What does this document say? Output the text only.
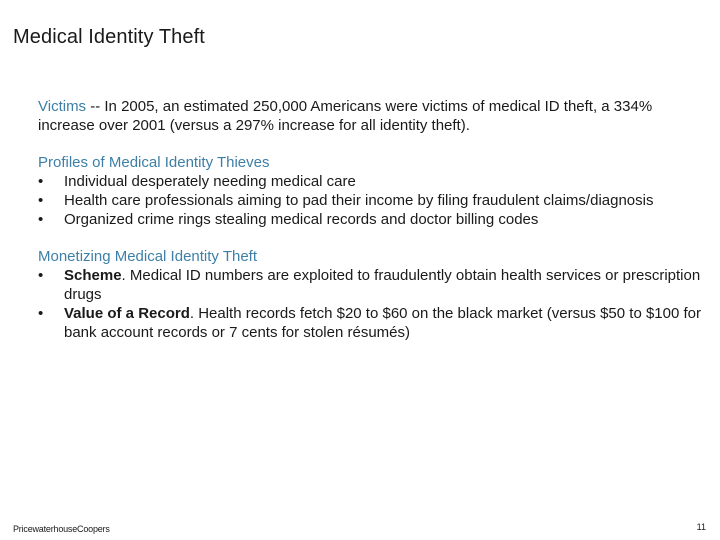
Medical Identity Theft

Victims -- In 2005, an estimated 250,000 Americans were victims of medical ID theft, a 334% increase over 2001 (versus a 297% increase for all identity theft).

Profiles of Medical Identity Thieves
•	Individual desperately needing medical care
•	Health care professionals aiming to pad their income by filing fraudulent claims/diagnosis
•	Organized crime rings stealing medical records and doctor billing codes
Monetizing Medical Identity Theft
•	Scheme. Medical ID numbers are exploited to fraudulently obtain health services or prescription drugs
•	Value of a Record. Health records fetch $20 to $60 on the black market (versus $50 to $100 for bank account records or 7 cents for stolen résumés)
PricewaterhouseCoopers	11
